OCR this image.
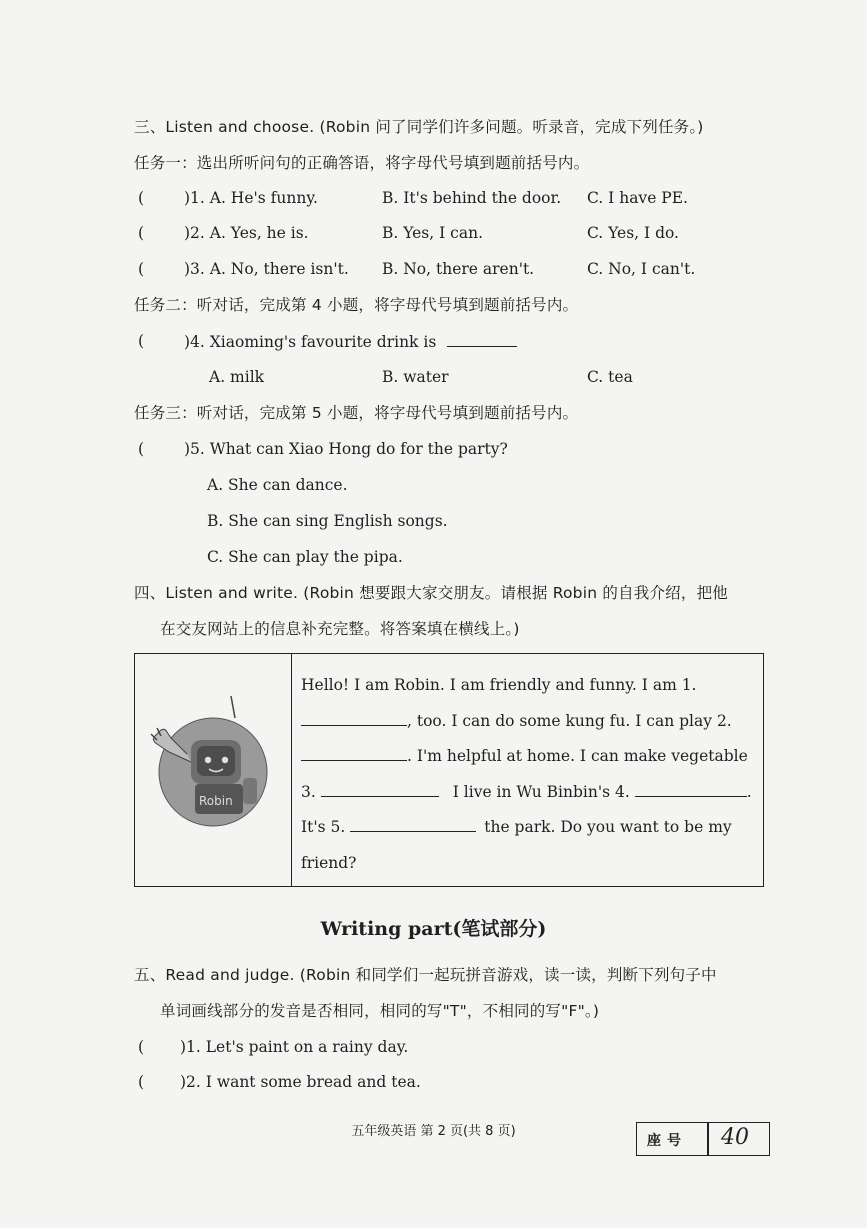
三、Listen and choose. (Robin 问了同学们许多问题。听录音，完成下列任务。)
任务一：选出所听问句的正确答语，将字母代号填到题前括号内。
(	)1. A. He's funny.	B. It's behind the door. C. I have PE.
(	)2. A. Yes, he is.	B. Yes, I can.	C. Yes, I do.
(	)3. A. No, there isn't. B. No, there aren't.	C. No, I can't.
任务二：听对话，完成第 4 小题，将字母代号填到题前括号内。
(	)4. Xiaoming's favourite drink is
A. milk	B. water	C. tea
任务三：听对话，完成第 5 小题，将字母代号填到题前括号内。
(	)5. What can Xiao Hong do for the party?
A. She can dance.
B. She can sing English songs.
C. She can play the pipa.
四、Listen and write. (Robin 想要跟大家交朋友。请根据 Robin 的自我介绍，把他
在交友网站上的信息补充完整。将答案填在横线上。)
Robin
Hello! I am Robin. I am friendly and funny. I am 1.
, too. I can do some kung fu. I can play 2.
. I'm helpful at home. I can make vegetable
3.	I live in Wu Binbin's 4.	.
It's 5.	the park. Do you want to be my
friend?
Writing part(笔试部分)
五、Read and judge. (Robin 和同学们一起玩拼音游戏，读一读，判断下列句子中
单词画线部分的发音是否相同，相同的写"T"，不相同的写"F"。)
( )1. Let's paint on a rainy day.
( )2. I want some bread and tea.
五年级英语 第 2 页(共 8 页)
座号 40
